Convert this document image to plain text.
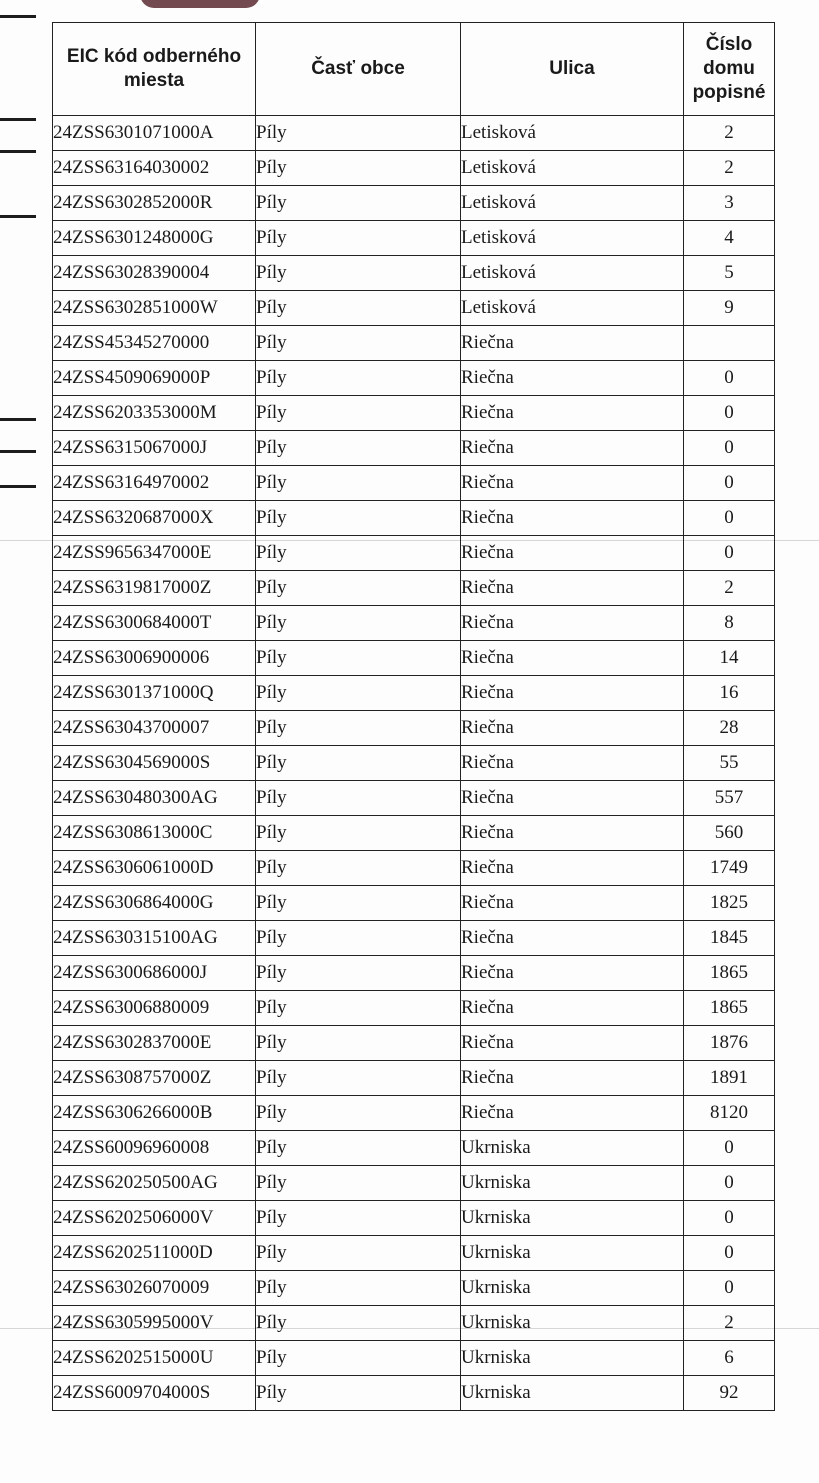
EIC kód odberného miesta	Časť obce	Ulica	Číslo domu popisné
24ZSS6301071000A	Píly	Letisková	2
24ZSS63164030002	Píly	Letisková	2
24ZSS6302852000R	Píly	Letisková	3
24ZSS6301248000G	Píly	Letisková	4
24ZSS63028390004	Píly	Letisková	5
24ZSS6302851000W	Píly	Letisková	9
24ZSS45345270000	Píly	Riečna	
24ZSS4509069000P	Píly	Riečna	0
24ZSS6203353000M	Píly	Riečna	0
24ZSS6315067000J	Píly	Riečna	0
24ZSS63164970002	Píly	Riečna	0
24ZSS6320687000X	Píly	Riečna	0
24ZSS9656347000E	Píly	Riečna	0
24ZSS6319817000Z	Píly	Riečna	2
24ZSS6300684000T	Píly	Riečna	8
24ZSS63006900006	Píly	Riečna	14
24ZSS6301371000Q	Píly	Riečna	16
24ZSS63043700007	Píly	Riečna	28
24ZSS6304569000S	Píly	Riečna	55
24ZSS630480300AG	Píly	Riečna	557
24ZSS6308613000C	Píly	Riečna	560
24ZSS6306061000D	Píly	Riečna	1749
24ZSS6306864000G	Píly	Riečna	1825
24ZSS630315100AG	Píly	Riečna	1845
24ZSS6300686000J	Píly	Riečna	1865
24ZSS63006880009	Píly	Riečna	1865
24ZSS6302837000E	Píly	Riečna	1876
24ZSS6308757000Z	Píly	Riečna	1891
24ZSS6306266000B	Píly	Riečna	8120
24ZSS60096960008	Píly	Ukrniska	0
24ZSS620250500AG	Píly	Ukrniska	0
24ZSS6202506000V	Píly	Ukrniska	0
24ZSS6202511000D	Píly	Ukrniska	0
24ZSS63026070009	Píly	Ukrniska	0
24ZSS6305995000V	Píly	Ukrniska	2
24ZSS6202515000U	Píly	Ukrniska	6
24ZSS6009704000S	Píly	Ukrniska	92
